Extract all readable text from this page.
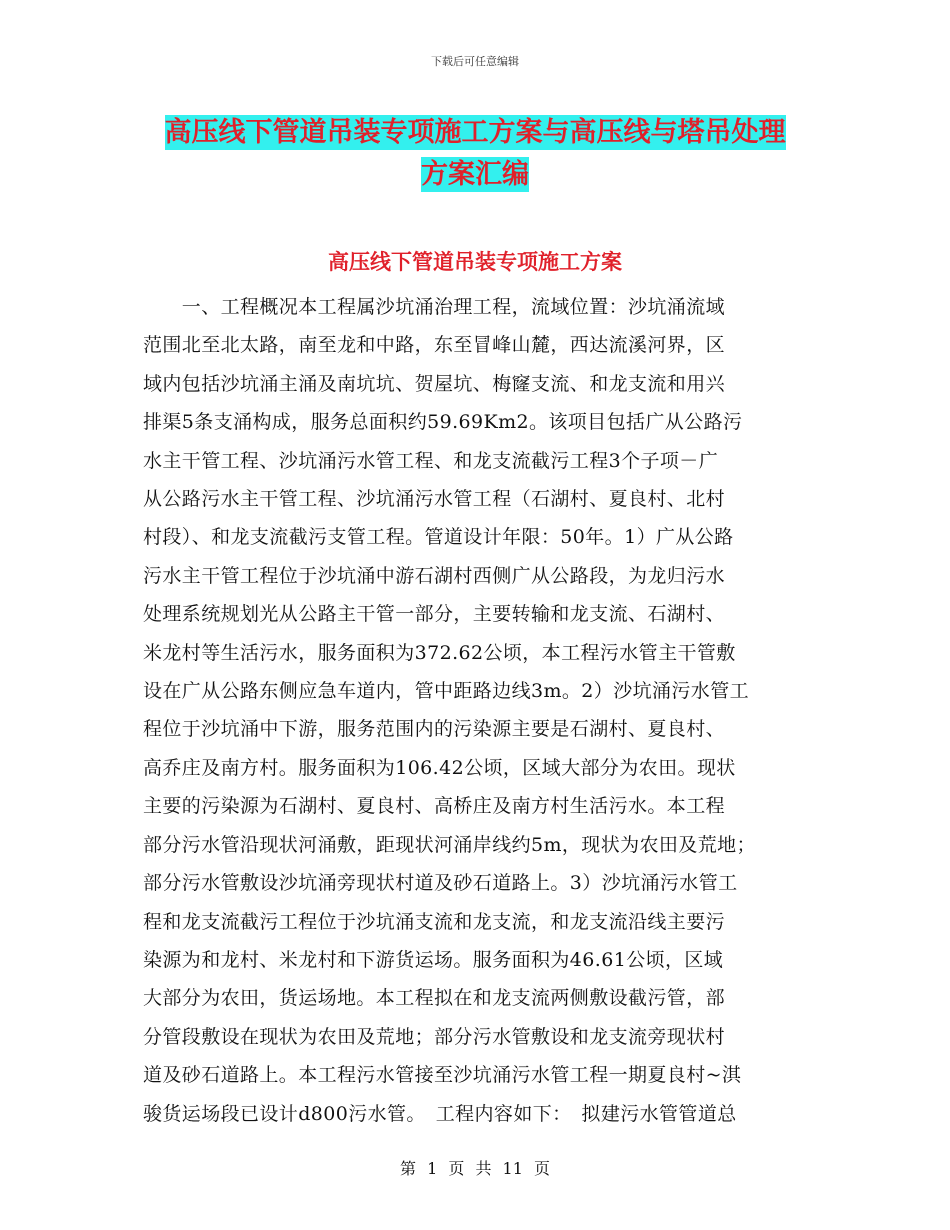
下载后可任意编辑
高压线下管道吊装专项施工方案与高压线与塔吊处理
方案汇编
高压线下管道吊装专项施工方案
　　一、工程概况本工程属沙坑涌治理工程，流域位置：沙坑涌流域
范围北至北太路，南至龙和中路，东至冒峰山麓，西达流溪河界，区
域内包括沙坑涌主涌及南坑坑、贺屋坑、梅窿支流、和龙支流和用兴
排渠5条支涌构成，服务总面积约59.69Km2。该项目包括广从公路污
水主干管工程、沙坑涌污水管工程、和龙支流截污工程3个子项－广
从公路污水主干管工程、沙坑涌污水管工程（石湖村、夏良村、北村
村段）、和龙支流截污支管工程。管道设计年限：50年。1）广从公路
污水主干管工程位于沙坑涌中游石湖村西侧广从公路段，为龙归污水
处理系统规划光从公路主干管一部分，主要转输和龙支流、石湖村、
米龙村等生活污水，服务面积为372.62公顷，本工程污水管主干管敷
设在广从公路东侧应急车道内，管中距路边线3m。2）沙坑涌污水管工
程位于沙坑涌中下游，服务范围内的污染源主要是石湖村、夏良村、
高乔庄及南方村。服务面积为106.42公顷，区域大部分为农田。现状
主要的污染源为石湖村、夏良村、高桥庄及南方村生活污水。本工程
部分污水管沿现状河涌敷，距现状河涌岸线约5m，现状为农田及荒地；
部分污水管敷设沙坑涌旁现状村道及砂石道路上。3）沙坑涌污水管工
程和龙支流截污工程位于沙坑涌支流和龙支流，和龙支流沿线主要污
染源为和龙村、米龙村和下游货运场。服务面积为46.61公顷，区域
大部分为农田，货运场地。本工程拟在和龙支流两侧敷设截污管，部
分管段敷设在现状为农田及荒地；部分污水管敷设和龙支流旁现状村
道及砂石道路上。本工程污水管接至沙坑涌污水管工程一期夏良村~淇
骏货运场段已设计d800污水管。　工程内容如下：　拟建污水管管道总
第 1 页 共 11 页
